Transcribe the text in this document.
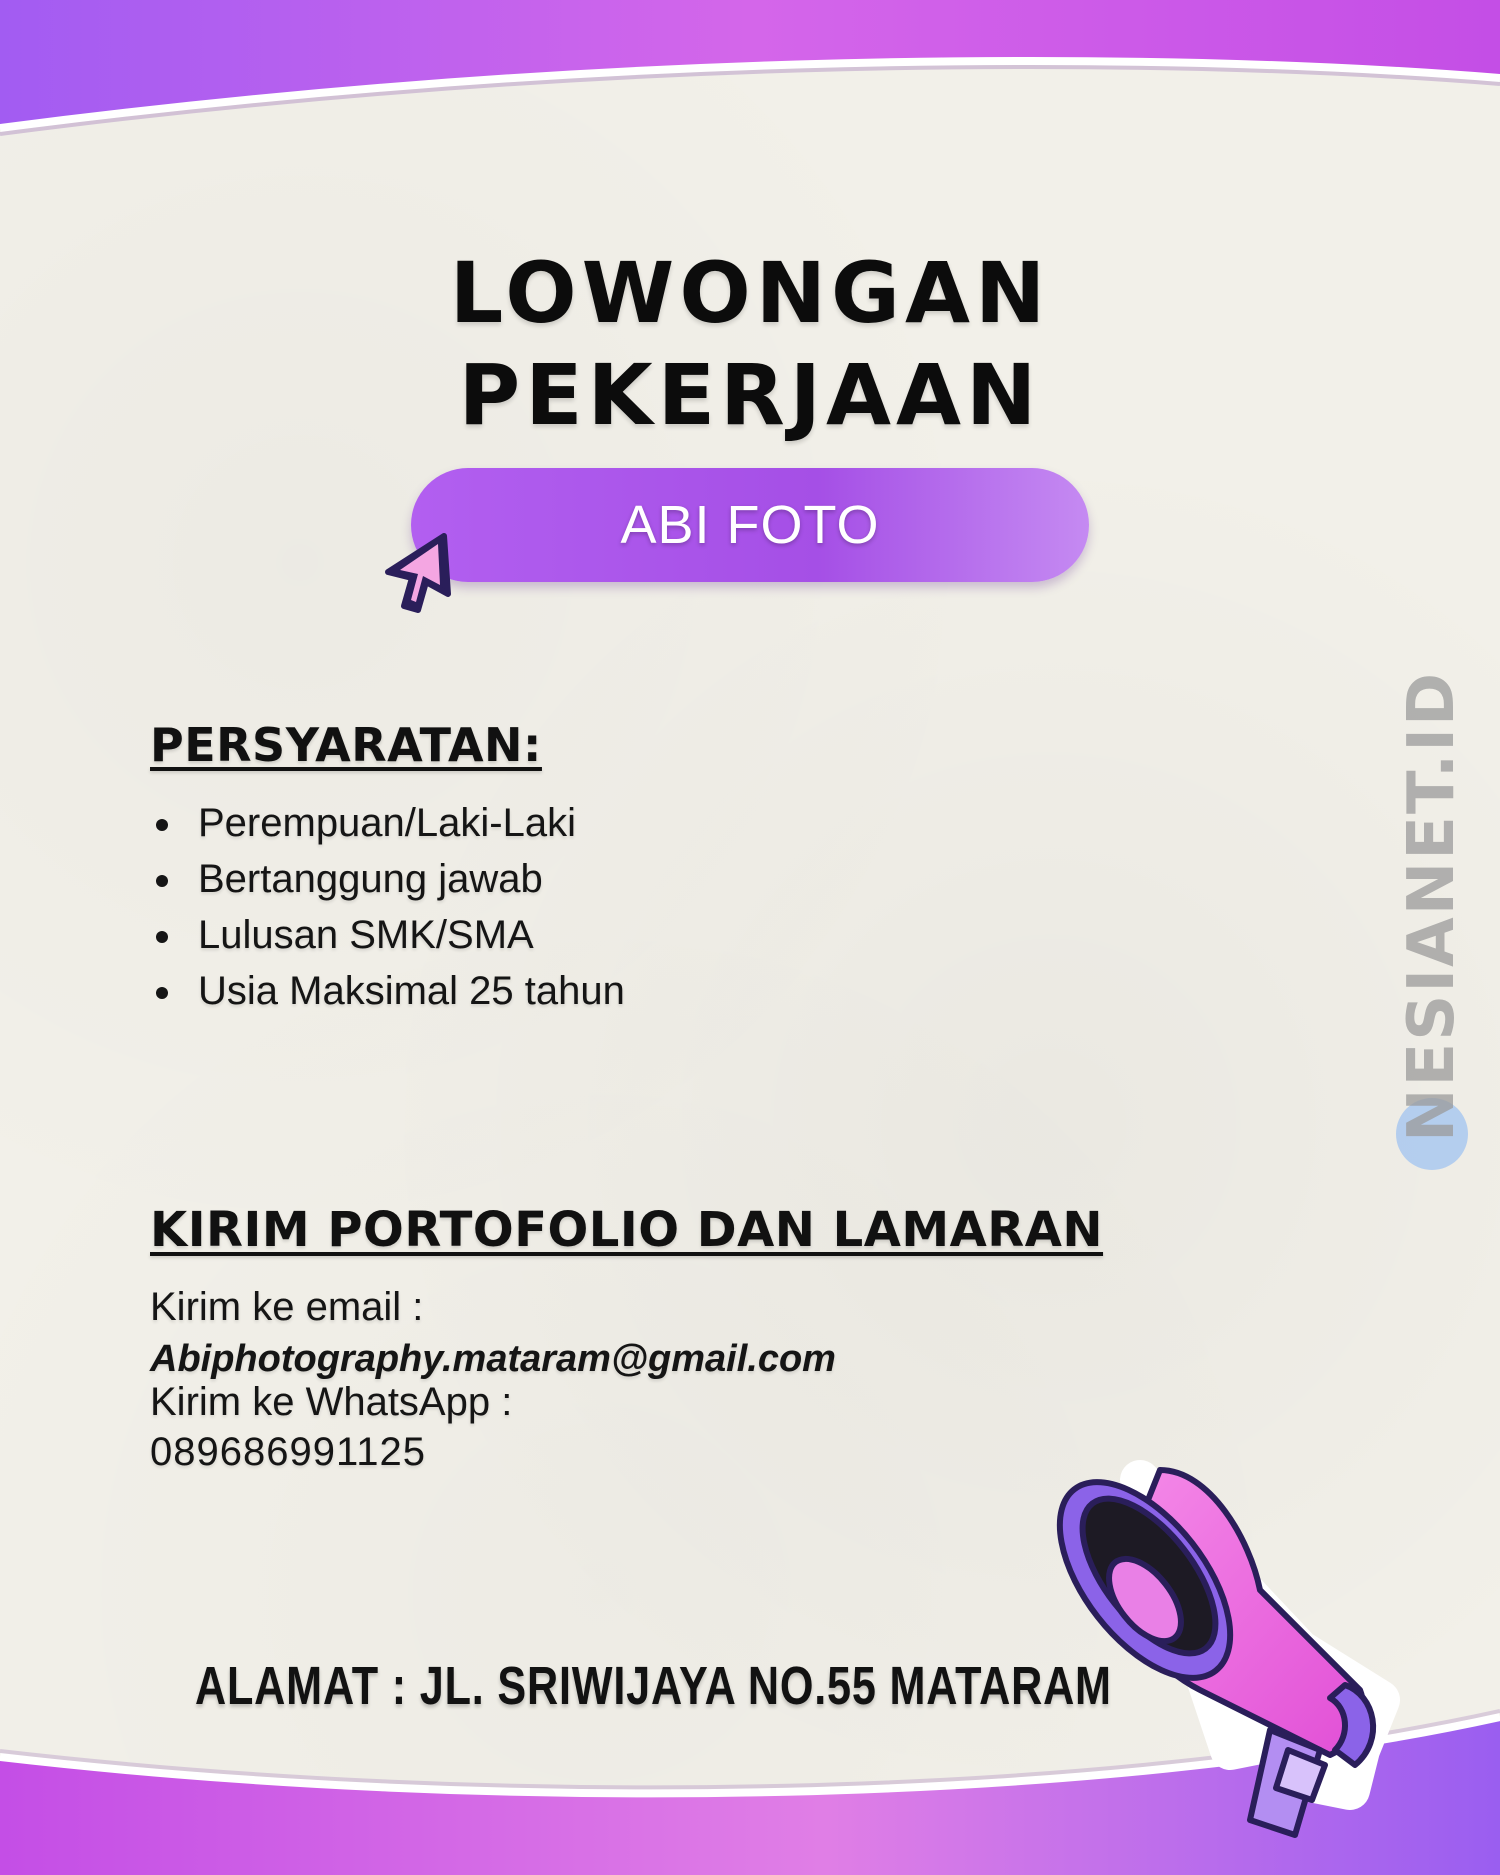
LOWONGAN
PEKERJAAN
ABI FOTO
PERSYARATAN:
Perempuan/Laki-Laki
Bertanggung jawab
Lulusan SMK/SMA
Usia Maksimal 25 tahun
KIRIM PORTOFOLIO DAN LAMARAN
Kirim ke email :
Abiphotography.mataram@gmail.com
Kirim ke WhatsApp :
089686991125
ALAMAT : JL. SRIWIJAYA NO.55 MATARAM
NESIANET.ID
